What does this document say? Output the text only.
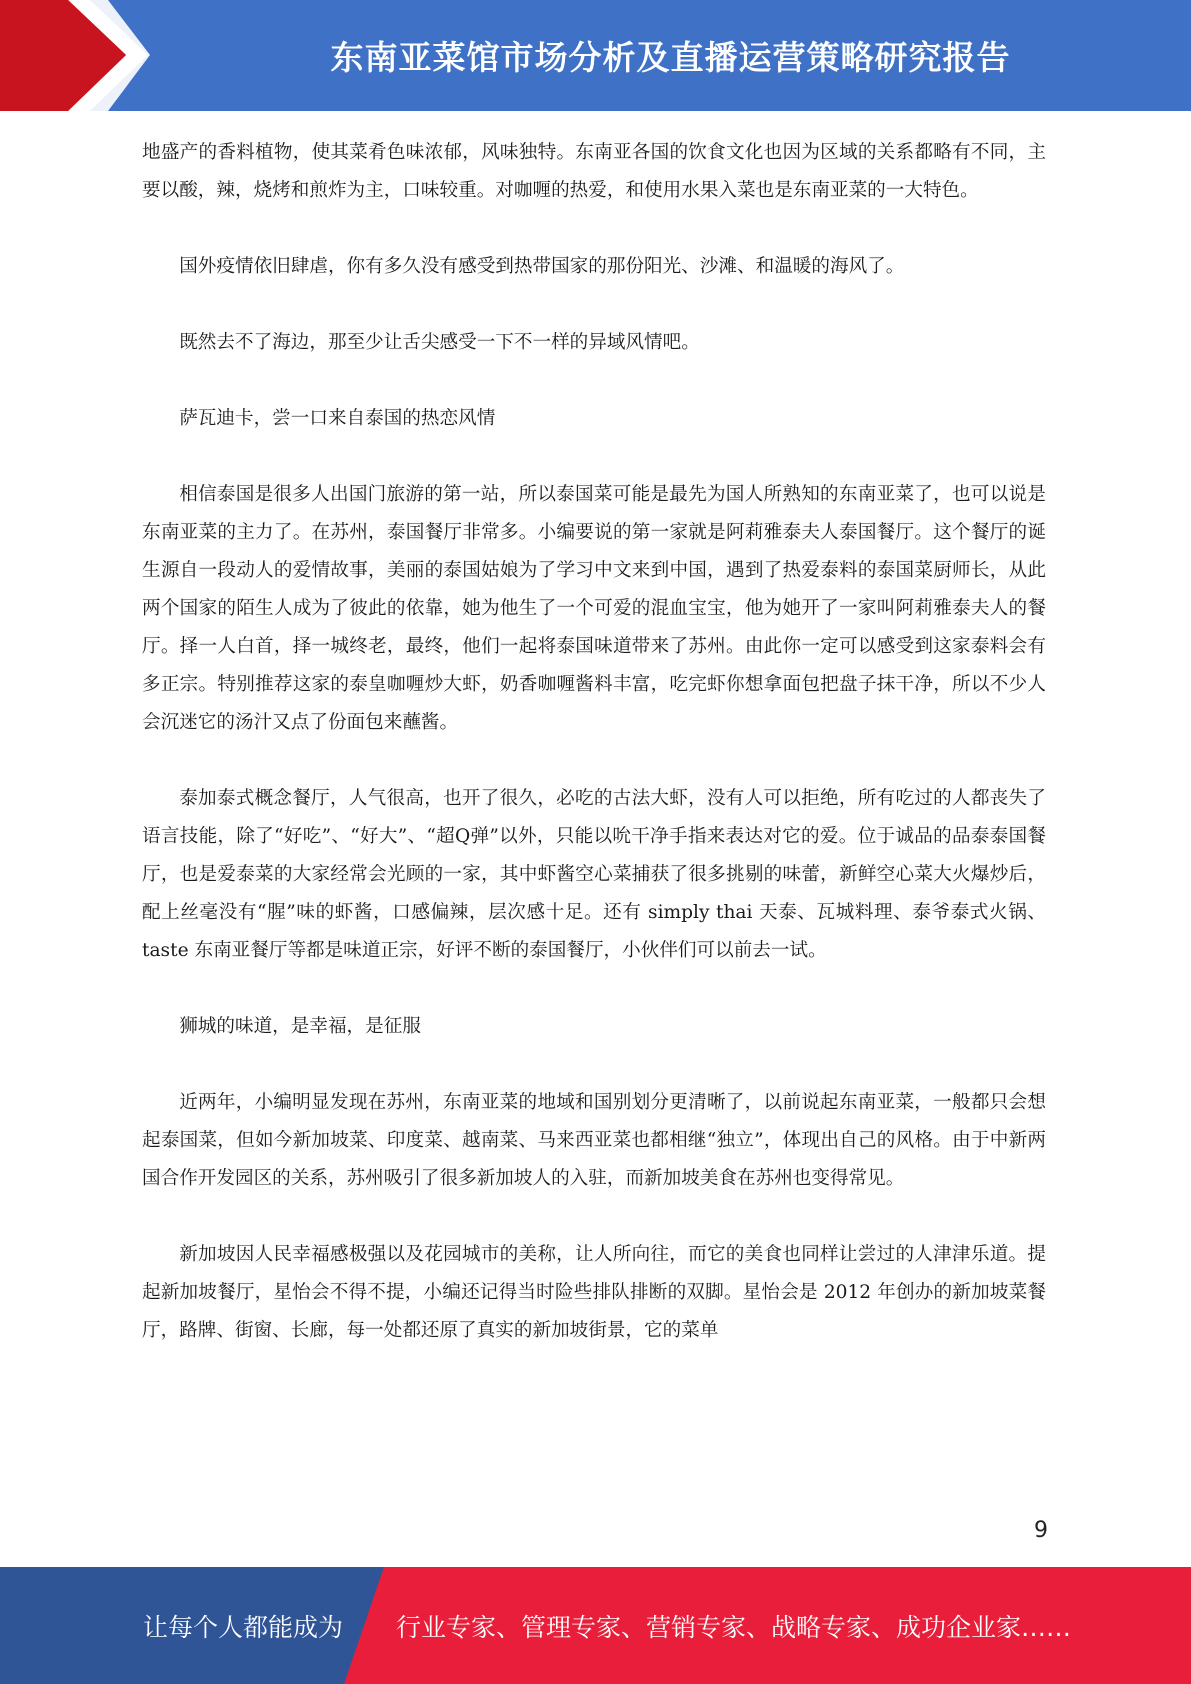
东南亚菜馆市场分析及直播运营策略研究报告

地盛产的香料植物，使其菜肴色味浓郁，风味独特。东南亚各国的饮食文化也因为区域的关系都略有不同，主要以酸，辣，烧烤和煎炸为主，口味较重。对咖喱的热爱，和使用水果入菜也是东南亚菜的一大特色。

国外疫情依旧肆虐，你有多久没有感受到热带国家的那份阳光、沙滩、和温暖的海风了。

既然去不了海边，那至少让舌尖感受一下不一样的异域风情吧。

萨瓦迪卡，尝一口来自泰国的热恋风情

相信泰国是很多人出国门旅游的第一站，所以泰国菜可能是最先为国人所熟知的东南亚菜了，也可以说是东南亚菜的主力了。在苏州，泰国餐厅非常多。小编要说的第一家就是阿莉雅泰夫人泰国餐厅。这个餐厅的诞生源自一段动人的爱情故事，美丽的泰国姑娘为了学习中文来到中国，遇到了热爱泰料的泰国菜厨师长，从此两个国家的陌生人成为了彼此的依靠，她为他生了一个可爱的混血宝宝，他为她开了一家叫阿莉雅泰夫人的餐厅。择一人白首，择一城终老，最终，他们一起将泰国味道带来了苏州。由此你一定可以感受到这家泰料会有多正宗。特别推荐这家的泰皇咖喱炒大虾，奶香咖喱酱料丰富，吃完虾你想拿面包把盘子抹干净，所以不少人会沉迷它的汤汁又点了份面包来蘸酱。

泰加泰式概念餐厅，人气很高，也开了很久，必吃的古法大虾，没有人可以拒绝，所有吃过的人都丧失了语言技能，除了“好吃”、“好大”、“超Q弹”以外，只能以吮干净手指来表达对它的爱。位于诚品的品泰泰国餐厅，也是爱泰菜的大家经常会光顾的一家，其中虾酱空心菜捕获了很多挑剔的味蕾，新鲜空心菜大火爆炒后，配上丝毫没有“腥”味的虾酱，口感偏辣，层次感十足。还有 simply thai 天泰、瓦城料理、泰爷泰式火锅、taste 东南亚餐厅等都是味道正宗，好评不断的泰国餐厅，小伙伴们可以前去一试。

狮城的味道，是幸福，是征服

近两年，小编明显发现在苏州，东南亚菜的地域和国别划分更清晰了，以前说起东南亚菜，一般都只会想起泰国菜，但如今新加坡菜、印度菜、越南菜、马来西亚菜也都相继“独立”，体现出自己的风格。由于中新两国合作开发园区的关系，苏州吸引了很多新加坡人的入驻，而新加坡美食在苏州也变得常见。

新加坡因人民幸福感极强以及花园城市的美称，让人所向往，而它的美食也同样让尝过的人津津乐道。提起新加坡餐厅，星怡会不得不提，小编还记得当时险些排队排断的双脚。星怡会是 2012 年创办的新加坡菜餐厅，路牌、街窗、长廊，每一处都还原了真实的新加坡街景，它的菜单

9
让每个人都能成为 行业专家、管理专家、营销专家、战略专家、成功企业家……
